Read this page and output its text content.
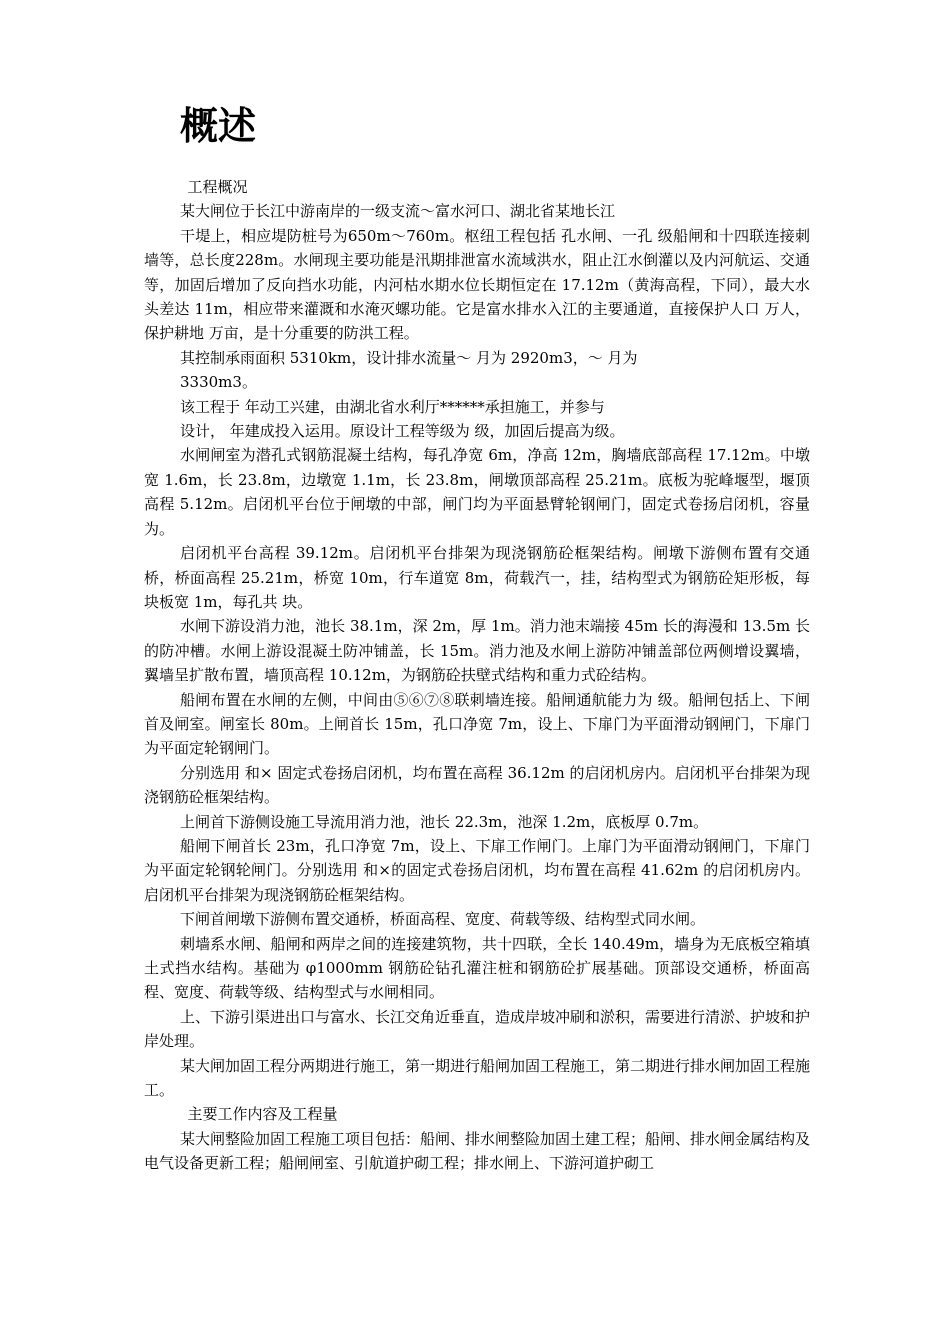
概述

工程概况

某大闸位于长江中游南岸的一级支流～富水河口、湖北省某地长江

干堤上，相应堤防桩号为650m～760m。枢纽工程包括 孔水闸、一孔 级船闸和十四联连接刺墙等，总长度228m。水闸现主要功能是汛期排泄富水流域洪水，阻止江水倒灌以及内河航运、交通等，加固后增加了反向挡水功能，内河枯水期水位长期恒定在 17.12m（黄海高程，下同），最大水头差达 11m，相应带来灌溉和水淹灭螺功能。它是富水排水入江的主要通道，直接保护人口 万人，保护耕地 万亩，是十分重要的防洪工程。

其控制承雨面积 5310km，设计排水流量～ 月为 2920m3，～ 月为

3330m3。

该工程于 年动工兴建，由湖北省水利厅******承担施工，并参与

设计， 年建成投入运用。原设计工程等级为 级，加固后提高为级。

水闸闸室为潜孔式钢筋混凝土结构，每孔净宽 6m，净高 12m，胸墙底部高程 17.12m。中墩宽 1.6m，长 23.8m，边墩宽 1.1m，长 23.8m，闸墩顶部高程 25.21m。底板为驼峰堰型，堰顶高程 5.12m。启闭机平台位于闸墩的中部，闸门均为平面悬臂轮钢闸门，固定式卷扬启闭机，容量为。

启闭机平台高程 39.12m。启闭机平台排架为现浇钢筋砼框架结构。闸墩下游侧布置有交通桥，桥面高程 25.21m，桥宽 10m，行车道宽 8m，荷载汽一，挂，结构型式为钢筋砼矩形板，每块板宽 1m，每孔共 块。

水闸下游设消力池，池长 38.1m，深 2m，厚 1m。消力池末端接 45m 长的海漫和 13.5m 长的防冲槽。水闸上游设混凝土防冲铺盖，长 15m。消力池及水闸上游防冲铺盖部位两侧增设翼墙，翼墙呈扩散布置，墙顶高程 10.12m，为钢筋砼扶壁式结构和重力式砼结构。

船闸布置在水闸的左侧，中间由⑤⑥⑦⑧联刺墙连接。船闸通航能力为 级。船闸包括上、下闸首及闸室。闸室长 80m。上闸首长 15m，孔口净宽 7m，设上、下扉门为平面滑动钢闸门，下扉门为平面定轮钢闸门。

分别选用 和× 固定式卷扬启闭机，均布置在高程 36.12m 的启闭机房内。启闭机平台排架为现浇钢筋砼框架结构。

上闸首下游侧设施工导流用消力池，池长 22.3m，池深 1.2m，底板厚 0.7m。

船闸下闸首长 23m，孔口净宽 7m，设上、下扉工作闸门。上扉门为平面滑动钢闸门，下扉门为平面定轮钢轮闸门。分别选用 和×的固定式卷扬启闭机，均布置在高程 41.62m 的启闭机房内。启闭机平台排架为现浇钢筋砼框架结构。

下闸首闸墩下游侧布置交通桥，桥面高程、宽度、荷载等级、结构型式同水闸。

刺墙系水闸、船闸和两岸之间的连接建筑物，共十四联，全长 140.49m，墙身为无底板空箱填土式挡水结构。基础为 φ1000mm 钢筋砼钻孔灌注桩和钢筋砼扩展基础。顶部设交通桥，桥面高程、宽度、荷载等级、结构型式与水闸相同。

上、下游引渠进出口与富水、长江交角近垂直，造成岸坡冲刷和淤积，需要进行清淤、护坡和护岸处理。

某大闸加固工程分两期进行施工，第一期进行船闸加固工程施工，第二期进行排水闸加固工程施工。

主要工作内容及工程量

某大闸整险加固工程施工项目包括：船闸、排水闸整险加固土建工程；船闸、排水闸金属结构及电气设备更新工程；船闸闸室、引航道护砌工程；排水闸上、下游河道护砌工
